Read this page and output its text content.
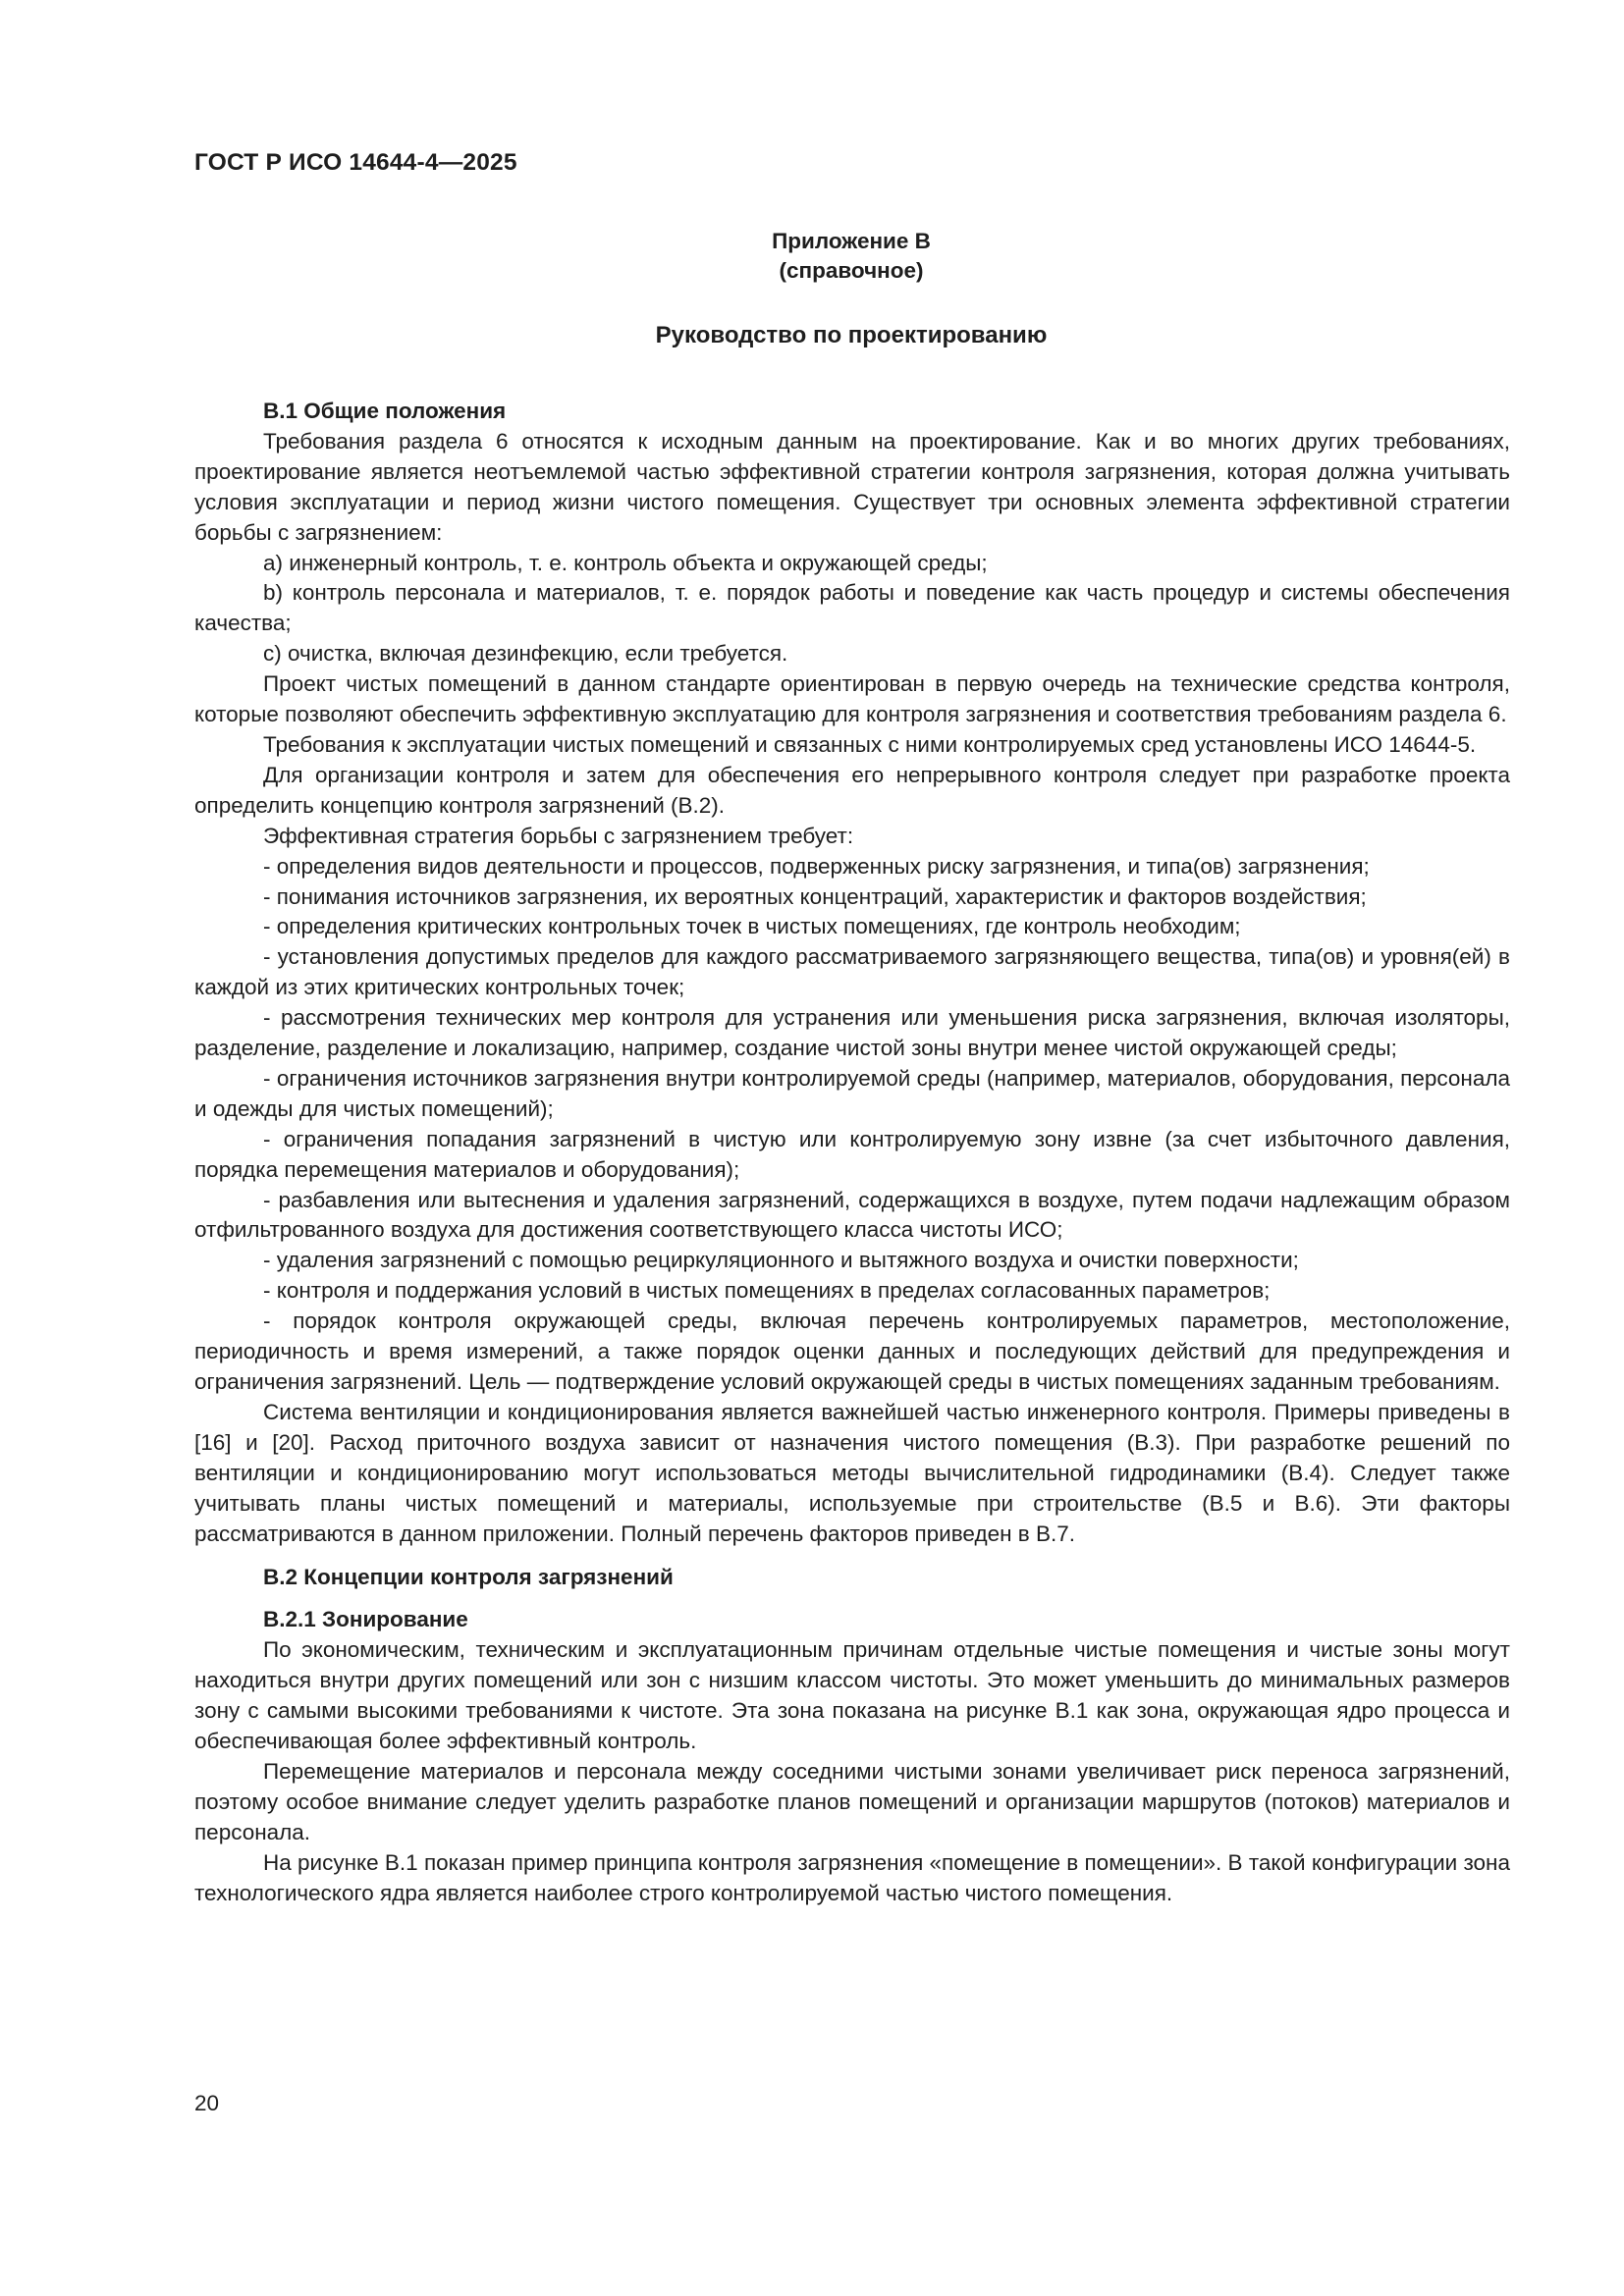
ГОСТ Р ИСО 14644-4—2025
Приложение В
(справочное)
Руководство по проектированию
В.1 Общие положения

Требования раздела 6 относятся к исходным данным на проектирование. Как и во многих других требованиях, проектирование является неотъемлемой частью эффективной стратегии контроля загрязнения, которая должна учитывать условия эксплуатации и период жизни чистого помещения. Существует три основных элемента эффективной стратегии борьбы с загрязнением:

a) инженерный контроль, т. е. контроль объекта и окружающей среды;

b) контроль персонала и материалов, т. е. порядок работы и поведение как часть процедур и системы обеспечения качества;

c) очистка, включая дезинфекцию, если требуется.

Проект чистых помещений в данном стандарте ориентирован в первую очередь на технические средства контроля, которые позволяют обеспечить эффективную эксплуатацию для контроля загрязнения и соответствия требованиям раздела 6.

Требования к эксплуатации чистых помещений и связанных с ними контролируемых сред установлены ИСО 14644-5.

Для организации контроля и затем для обеспечения его непрерывного контроля следует при разработке проекта определить концепцию контроля загрязнений (В.2).

Эффективная стратегия борьбы с загрязнением требует:

- определения видов деятельности и процессов, подверженных риску загрязнения, и типа(ов) загрязнения;

- понимания источников загрязнения, их вероятных концентраций, характеристик и факторов воздействия;

- определения критических контрольных точек в чистых помещениях, где контроль необходим;

- установления допустимых пределов для каждого рассматриваемого загрязняющего вещества, типа(ов) и уровня(ей) в каждой из этих критических контрольных точек;

- рассмотрения технических мер контроля для устранения или уменьшения риска загрязнения, включая изоляторы, разделение, разделение и локализацию, например, создание чистой зоны внутри менее чистой окружающей среды;

- ограничения источников загрязнения внутри контролируемой среды (например, материалов, оборудования, персонала и одежды для чистых помещений);

- ограничения попадания загрязнений в чистую или контролируемую зону извне (за счет избыточного давления, порядка перемещения материалов и оборудования);

- разбавления или вытеснения и удаления загрязнений, содержащихся в воздухе, путем подачи надлежащим образом отфильтрованного воздуха для достижения соответствующего класса чистоты ИСО;

- удаления загрязнений с помощью рециркуляционного и вытяжного воздуха и очистки поверхности;

- контроля и поддержания условий в чистых помещениях в пределах согласованных параметров;

- порядок контроля окружающей среды, включая перечень контролируемых параметров, местоположение, периодичность и время измерений, а также порядок оценки данных и последующих действий для предупреждения и ограничения загрязнений. Цель — подтверждение условий окружающей среды в чистых помещениях заданным требованиям.

Система вентиляции и кондиционирования является важнейшей частью инженерного контроля. Примеры приведены в [16] и [20]. Расход приточного воздуха зависит от назначения чистого помещения (В.3). При разработке решений по вентиляции и кондиционированию могут использоваться методы вычислительной гидродинамики (В.4). Следует также учитывать планы чистых помещений и материалы, используемые при строительстве (В.5 и В.6). Эти факторы рассматриваются в данном приложении. Полный перечень факторов приведен в В.7.

В.2 Концепции контроля загрязнений
В.2.1 Зонирование

По экономическим, техническим и эксплуатационным причинам отдельные чистые помещения и чистые зоны могут находиться внутри других помещений или зон с низшим классом чистоты. Это может уменьшить до минимальных размеров зону с самыми высокими требованиями к чистоте. Эта зона показана на рисунке В.1 как зона, окружающая ядро процесса и обеспечивающая более эффективный контроль.

Перемещение материалов и персонала между соседними чистыми зонами увеличивает риск переноса загрязнений, поэтому особое внимание следует уделить разработке планов помещений и организации маршрутов (потоков) материалов и персонала.

На рисунке В.1 показан пример принципа контроля загрязнения «помещение в помещении». В такой конфигурации зона технологического ядра является наиболее строго контролируемой частью чистого помещения.

20
